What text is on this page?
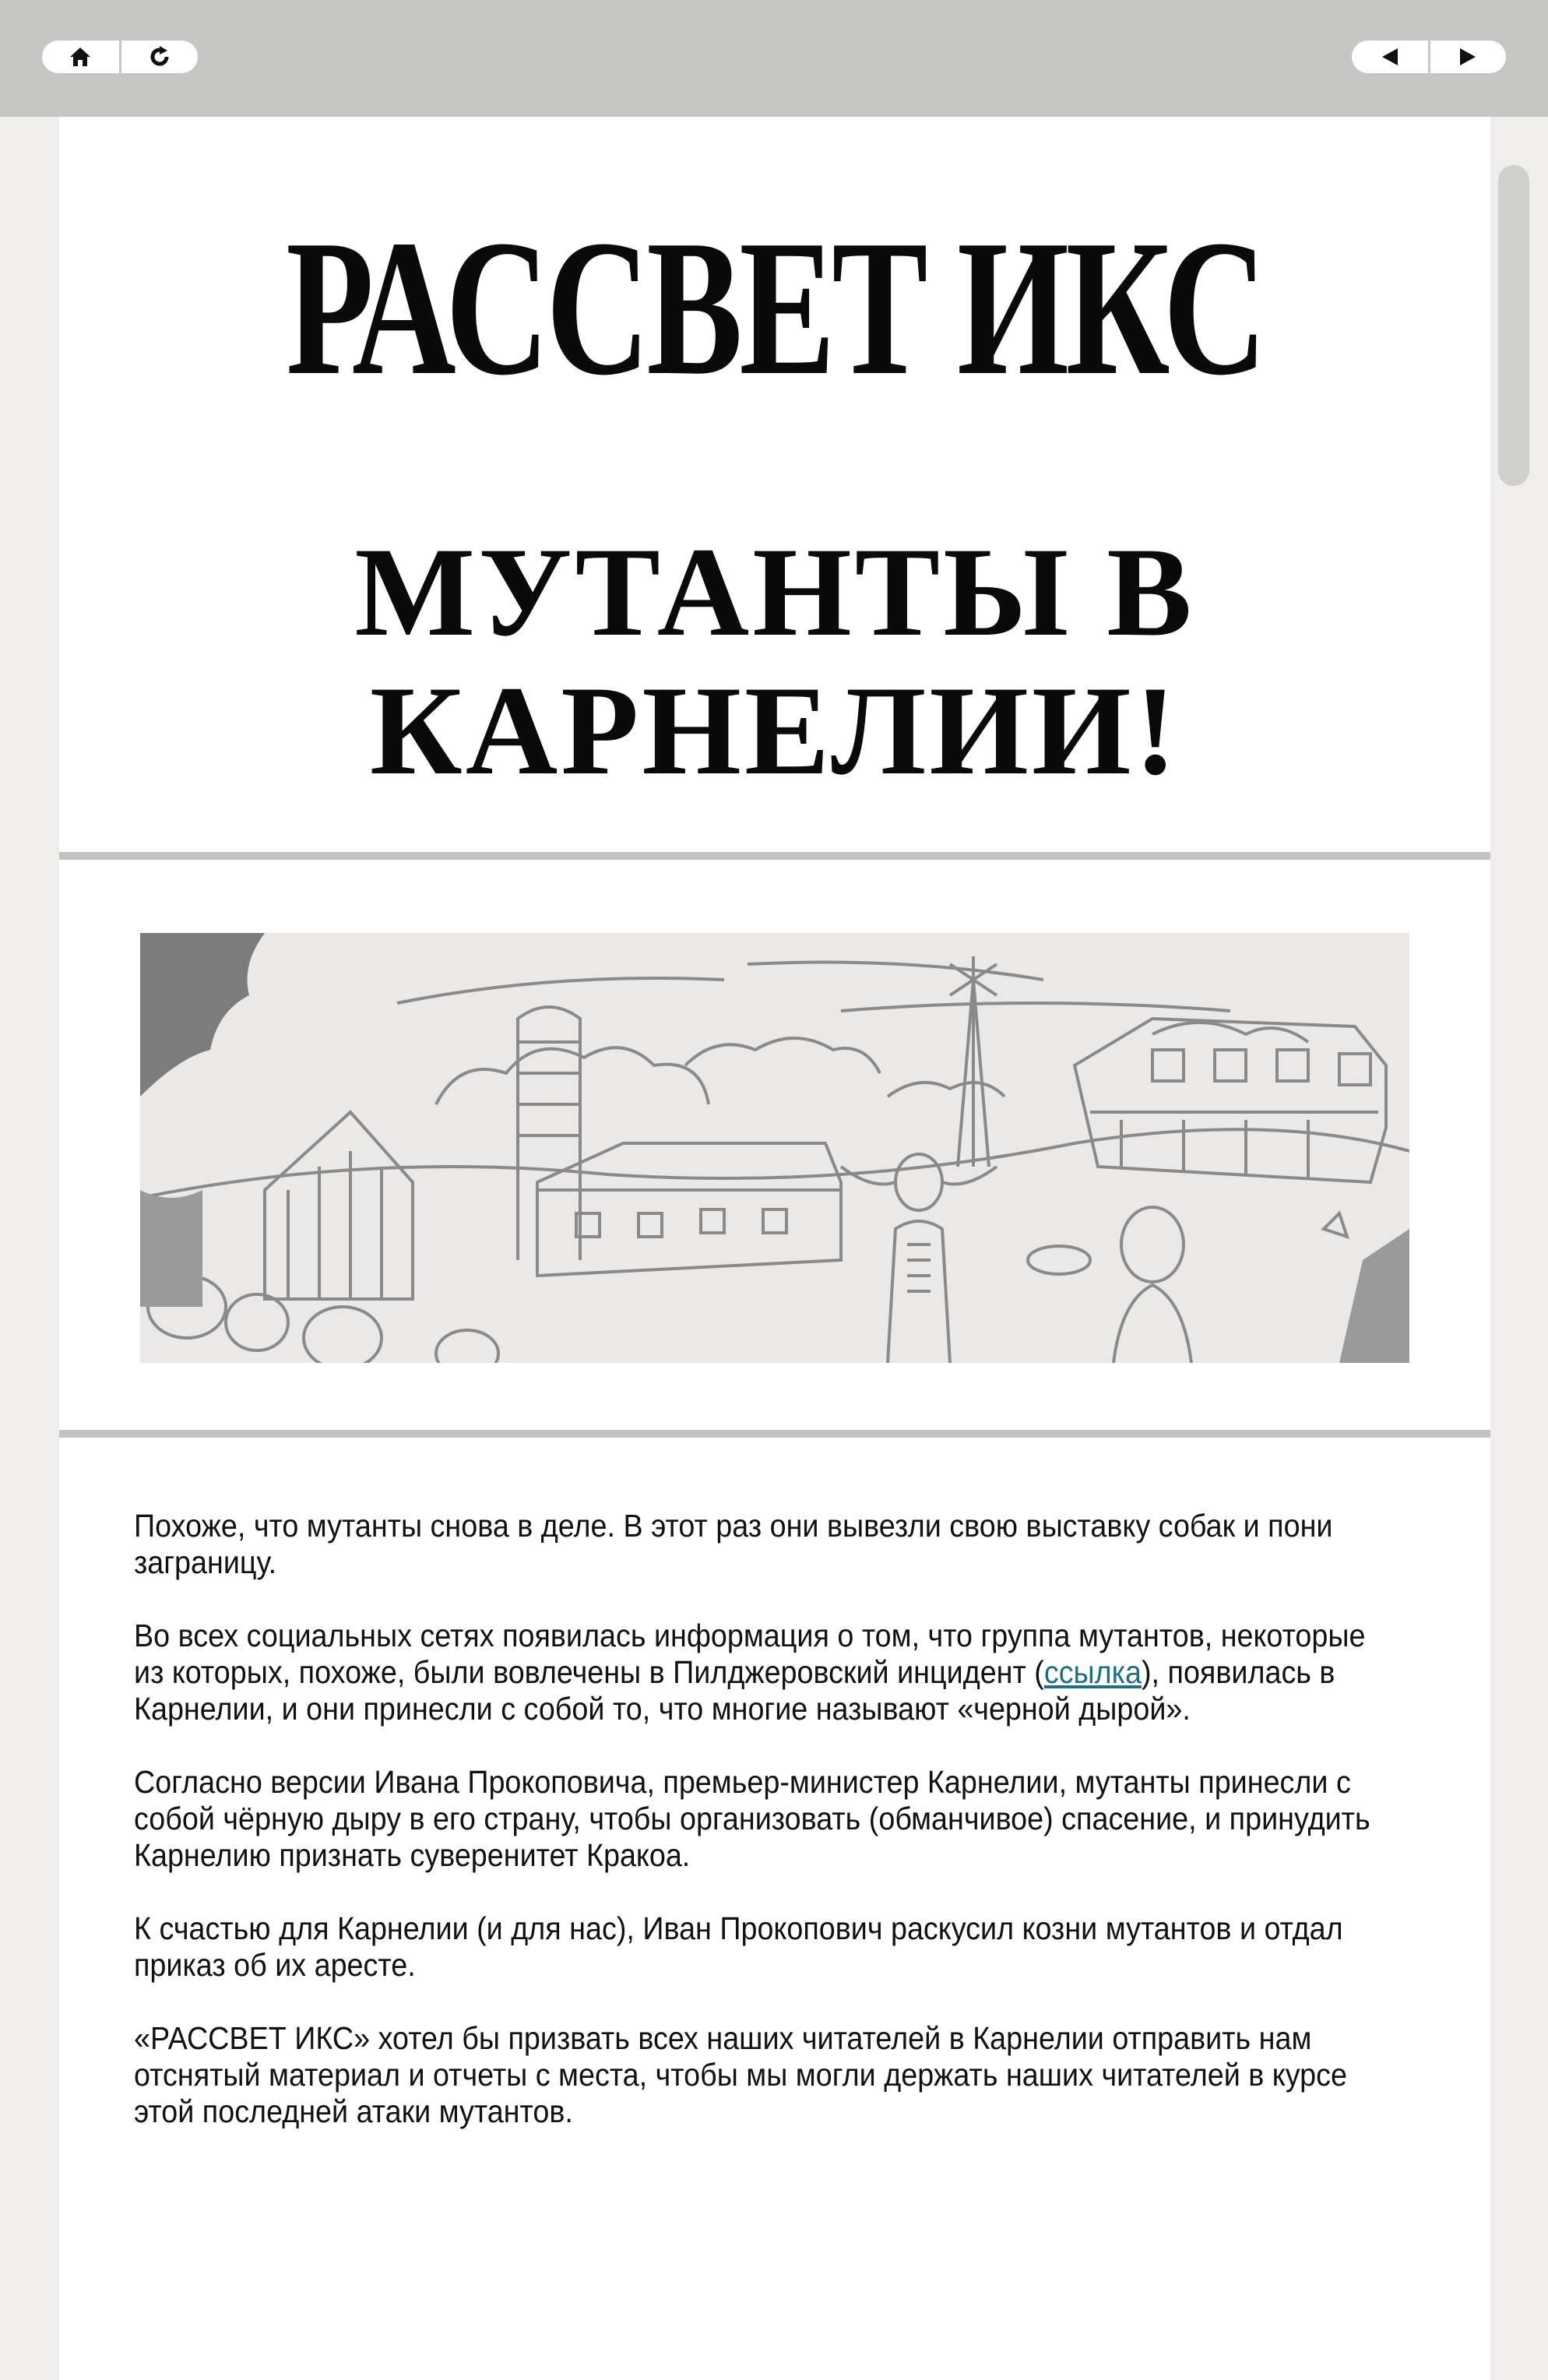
РАССВЕТ ИКС
МУТАНТЫ В
КАРНЕЛИИ!

Похоже, что мутанты снова в деле. В этот раз они вывезли свою выставку собак и пони заграницу.

Во всех социальных сетях появилась информация о том, что группа мутантов, некоторые из которых, похоже, были вовлечены в Пилджеровский инцидент (ссылка), появилась в Карнелии, и они принесли с собой то, что многие называют «черной дырой».

Согласно версии Ивана Прокоповича, премьер-министер Карнелии, мутанты принесли с собой чёрную дыру в его страну, чтобы организовать (обманчивое) спасение, и принудить Карнелию признать суверенитет Кракоа.

К счастью для Карнелии (и для нас), Иван Прокопович раскусил козни мутантов и отдал приказ об их аресте.

«РАССВЕТ ИКС» хотел бы призвать всех наших читателей в Карнелии отправить нам отснятый материал и отчеты с места, чтобы мы могли держать наших читателей в курсе этой последней атаки мутантов.
